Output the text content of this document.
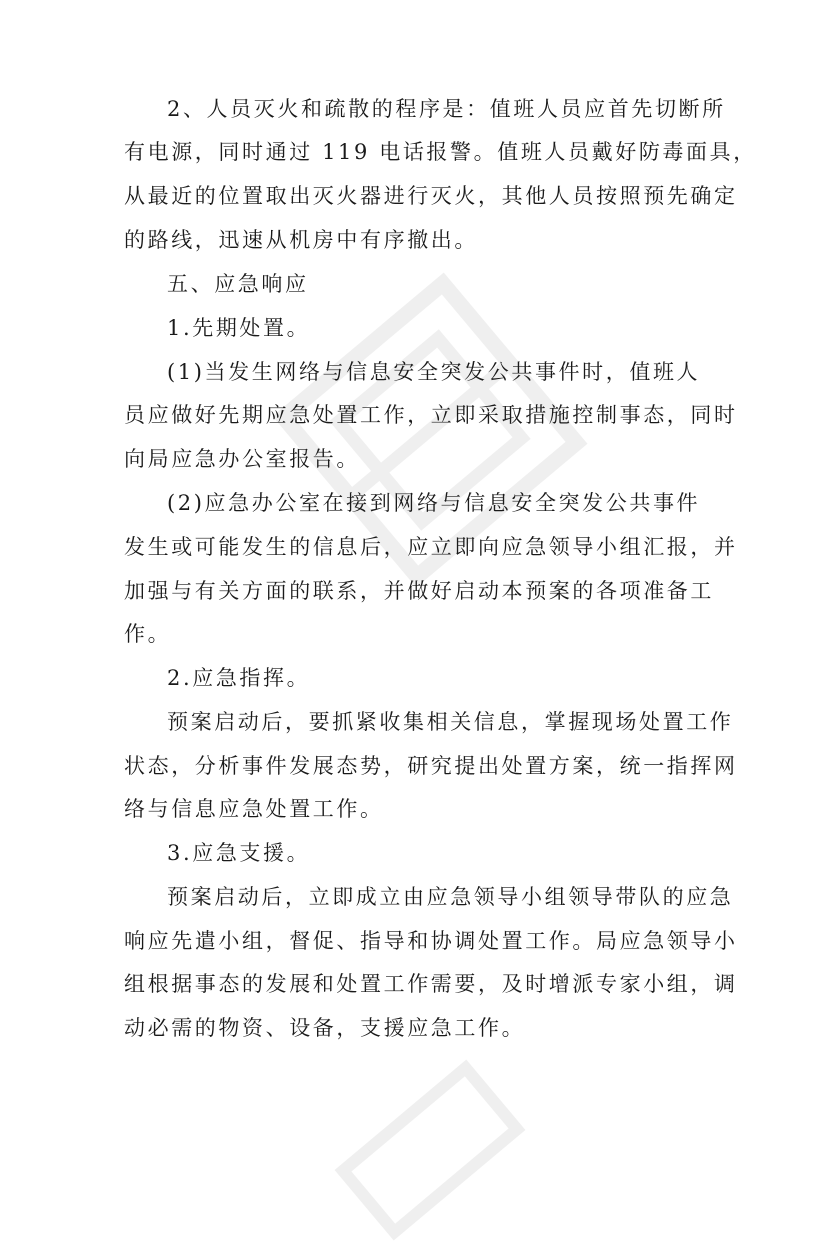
2、人员灭火和疏散的程序是：值班人员应首先切断所
有电源，同时通过 119 电话报警。值班人员戴好防毒面具，
从最近的位置取出灭火器进行灭火，其他人员按照预先确定
的路线，迅速从机房中有序撤出。
五、应急响应
1.先期处置。
(1)当发生网络与信息安全突发公共事件时，值班人
员应做好先期应急处置工作，立即采取措施控制事态，同时
向局应急办公室报告。
(2)应急办公室在接到网络与信息安全突发公共事件
发生或可能发生的信息后，应立即向应急领导小组汇报，并
加强与有关方面的联系，并做好启动本预案的各项准备工
作。
2.应急指挥。
预案启动后，要抓紧收集相关信息，掌握现场处置工作
状态，分析事件发展态势，研究提出处置方案，统一指挥网
络与信息应急处置工作。
3.应急支援。
预案启动后，立即成立由应急领导小组领导带队的应急
响应先遣小组，督促、指导和协调处置工作。局应急领导小
组根据事态的发展和处置工作需要，及时增派专家小组，调
动必需的物资、设备，支援应急工作。
